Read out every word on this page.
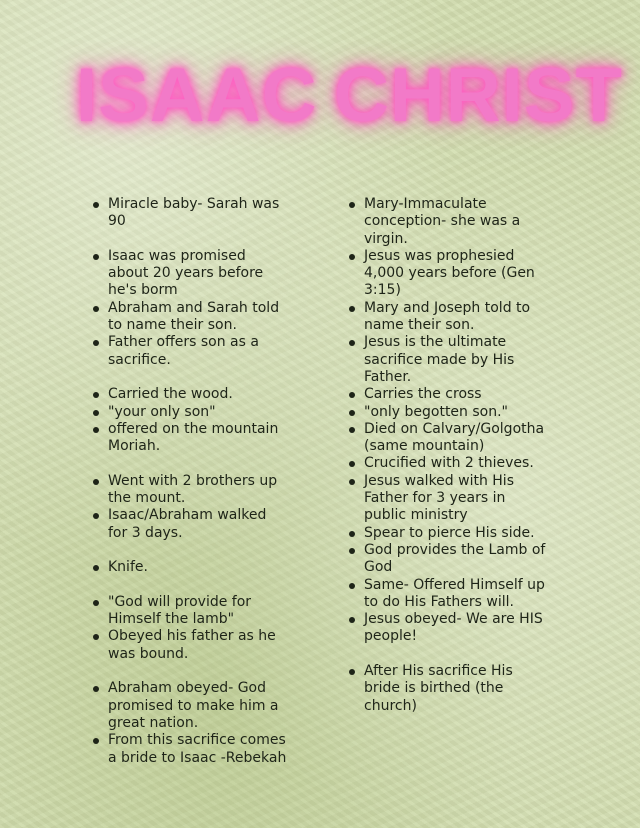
ISAAC CHRIST
Miracle baby- Sarah was 90
Isaac was promised about 20 years before he's borm
Abraham and Sarah told to name their son.
Father offers son as a sacrifice.
Carried the wood.
"your only son"
offered on the mountain Moriah.
Went with 2 brothers up the mount.
Isaac/Abraham walked for 3 days.
Knife.
"God will provide for Himself the lamb"
Obeyed his father as he was bound.
Abraham obeyed- God promised to make him a great nation.
From this sacrifice comes a bride to Isaac -Rebekah
Mary-Immaculate conception- she was a virgin.
Jesus was prophesied 4,000 years before (Gen 3:15)
Mary and Joseph told to name their son.
Jesus is the ultimate sacrifice made by His Father.
Carries the cross
"only begotten son."
Died on Calvary/Golgotha (same mountain)
Crucified with 2 thieves.
Jesus walked with His Father for 3 years in public ministry
Spear to pierce His side.
God provides the Lamb of God
Same- Offered Himself up to do His Fathers will.
Jesus obeyed- We are HIS people!
After His sacrifice His bride is birthed (the church)
